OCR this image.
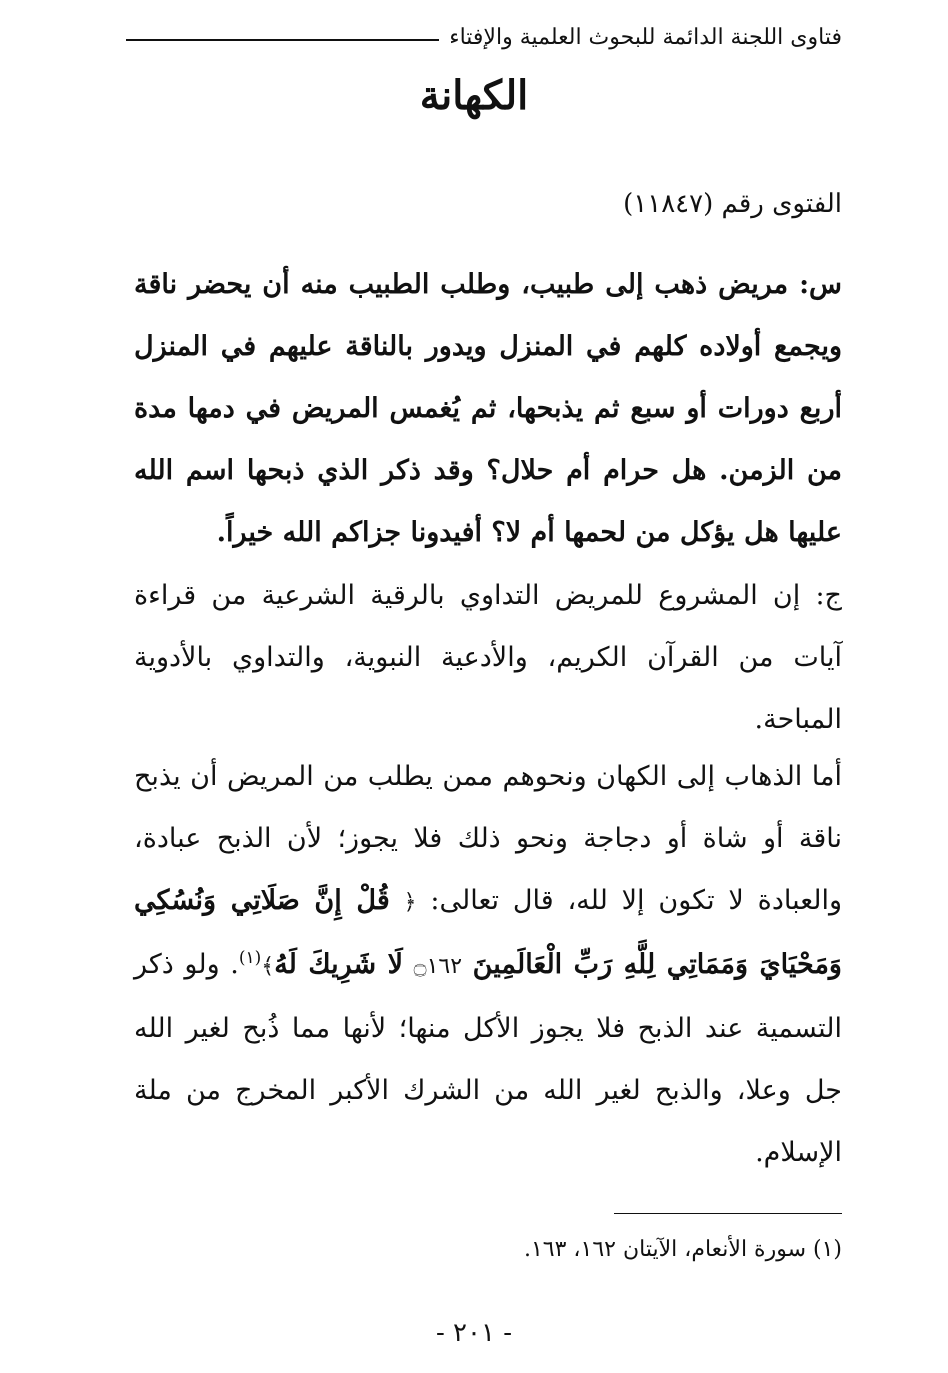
فتاوى اللجنة الدائمة للبحوث العلمية والإفتاء
الكهانة
الفتوى رقم (١١٨٤٧)
س: مريض ذهب إلى طبيب، وطلب الطبيب منه أن يحضر ناقة ويجمع أولاده كلهم في المنزل ويدور بالناقة عليهم في المنزل أربع دورات أو سبع ثم يذبحها، ثم يُغمس المريض في دمها مدة من الزمن. هل حرام أم حلال؟ وقد ذكر الذي ذبحها اسم الله عليها هل يؤكل من لحمها أم لا؟ أفيدونا جزاكم الله خيراً.
ج: إن المشروع للمريض التداوي بالرقية الشرعية من قراءة آيات من القرآن الكريم، والأدعية النبوية، والتداوي بالأدوية المباحة.
أما الذهاب إلى الكهان ونحوهم ممن يطلب من المريض أن يذبح ناقة أو شاة أو دجاجة ونحو ذلك فلا يجوز؛ لأن الذبح عبادة، والعبادة لا تكون إلا لله، قال تعالى: ﴿ قُلْ إِنَّ صَلَاتِي وَنُسُكِي وَمَحْيَايَ وَمَمَاتِي لِلَّهِ رَبِّ الْعَالَمِينَ ۝١٦٢ لَا شَرِيكَ لَهُ﴾$^{(١)}$. ولو ذكر التسمية عند الذبح فلا يجوز الأكل منها؛ لأنها مما ذُبح لغير الله جل وعلا، والذبح لغير الله من الشرك الأكبر المخرج من ملة الإسلام.
(١) سورة الأنعام، الآيتان ١٦٢، ١٦٣.
- ٢٠١ -
